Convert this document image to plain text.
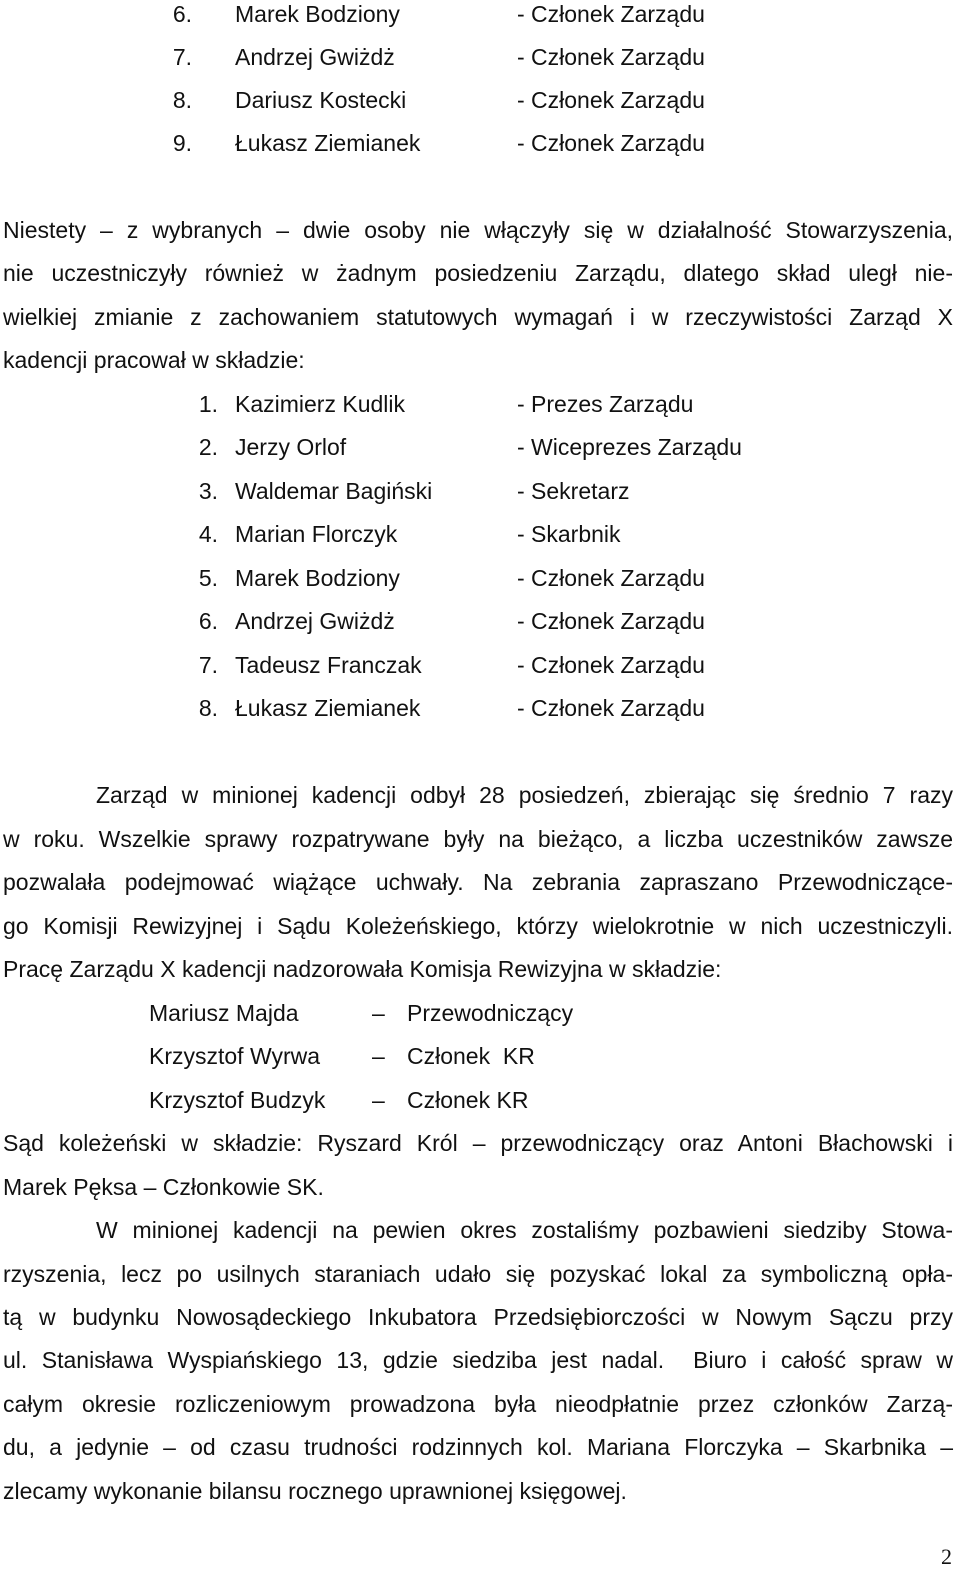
6. Marek Bodziony	- Członek Zarządu
7. Andrzej Gwiżdż	- Członek Zarządu
8. Dariusz Kostecki	- Członek Zarządu
9. Łukasz Ziemianek	- Członek Zarządu
Niestety – z wybranych – dwie osoby nie włączyły się w działalność Stowarzyszenia,
nie uczestniczyły również w żadnym posiedzeniu Zarządu, dlatego skład uległ nie-
wielkiej zmianie z zachowaniem statutowych wymagań i w rzeczywistości Zarząd X
kadencji pracował w składzie:
1. Kazimierz Kudlik	- Prezes Zarządu
2. Jerzy Orlof	- Wiceprezes Zarządu
3. Waldemar Bagiński	- Sekretarz
4. Marian Florczyk	- Skarbnik
5. Marek Bodziony	- Członek Zarządu
6. Andrzej Gwiżdż	- Członek Zarządu
7. Tadeusz Franczak	- Członek Zarządu
8. Łukasz Ziemianek	- Członek Zarządu
Zarząd w minionej kadencji odbył 28 posiedzeń, zbierając się średnio 7 razy
w roku. Wszelkie sprawy rozpatrywane były na bieżąco, a liczba uczestników zawsze
pozwalała podejmować wiążące uchwały. Na zebrania zapraszano Przewodniczące-
go Komisji Rewizyjnej i Sądu Koleżeńskiego, którzy wielokrotnie w nich uczestniczyli.
Pracę Zarządu X kadencji nadzorowała Komisja Rewizyjna w składzie:
Mariusz Majda	– Przewodniczący
Krzysztof Wyrwa – Członek  KR
Krzysztof Budzyk – Członek KR
Sąd koleżeński w składzie: Ryszard Król – przewodniczący oraz Antoni Błachowski i
Marek Pęksa – Członkowie SK.
W minionej kadencji na pewien okres zostaliśmy pozbawieni siedziby Stowa-
rzyszenia, lecz po usilnych staraniach udało się pozyskać lokal za symboliczną opła-
tą w budynku Nowosądeckiego Inkubatora Przedsiębiorczości w Nowym Sączu przy
ul. Stanisława Wyspiańskiego 13, gdzie siedziba jest nadal.  Biuro i całość spraw w
całym okresie rozliczeniowym prowadzona była nieodpłatnie przez członków Zarzą-
du, a jedynie – od czasu trudności rodzinnych kol. Mariana Florczyka – Skarbnika –
zlecamy wykonanie bilansu rocznego uprawnionej księgowej.
2
